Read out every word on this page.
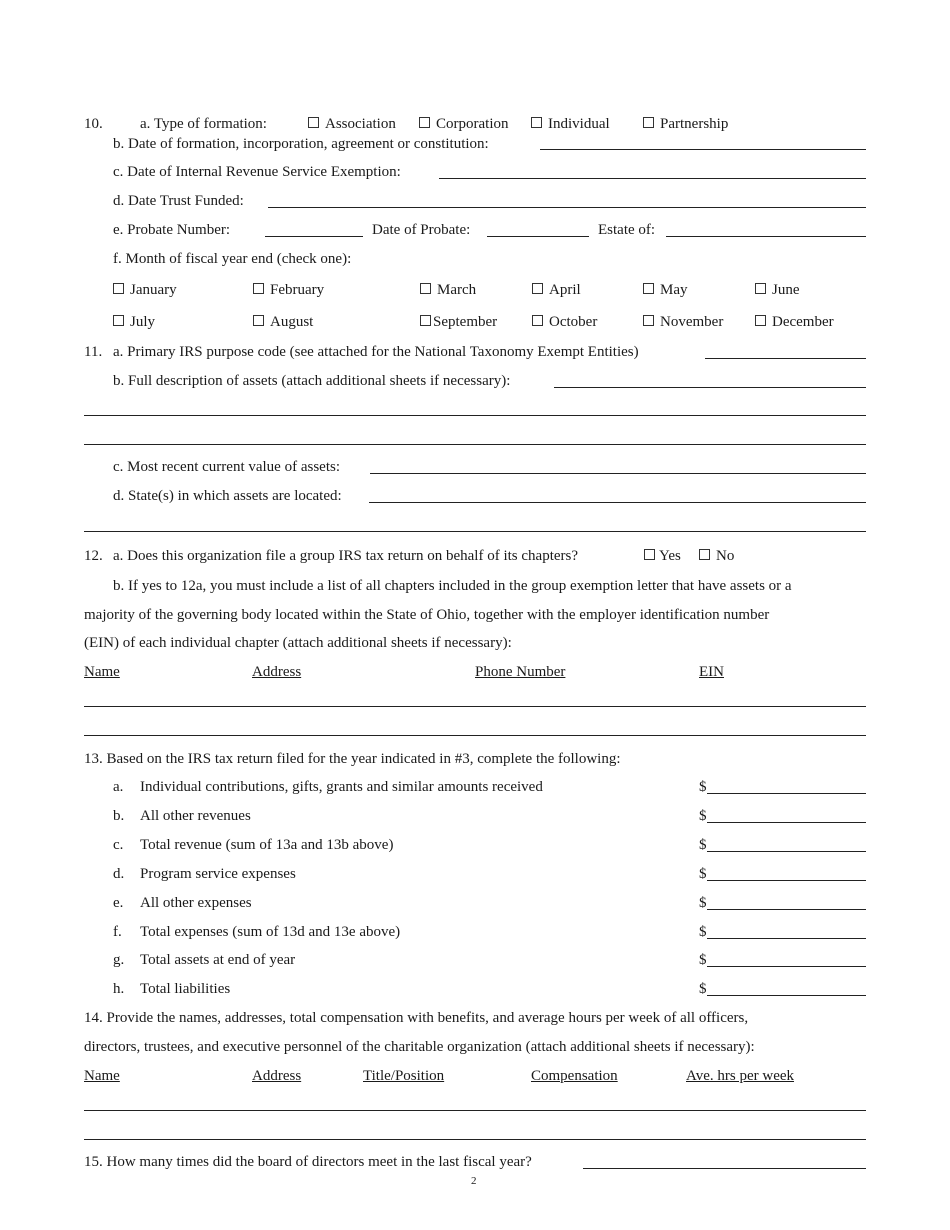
10. a. Type of formation:	Association	Corporation	Individual	Partnership
b. Date of formation, incorporation, agreement or constitution:
c. Date of Internal Revenue Service Exemption:
d. Date Trust Funded:
e. Probate Number:	Date of Probate:	Estate of:
f. Month of fiscal year end (check one):
January	February	March	April	May	June
July	August	September	October	November	December
11. a. Primary IRS purpose code (see attached for the National Taxonomy Exempt Entities)
b. Full description of assets (attach additional sheets if necessary):
c. Most recent current value of assets:
d. State(s) in which assets are located:
12. a. Does this organization file a group IRS tax return on behalf of its chapters?	Yes	No
b. If yes to 12a, you must include a list of all chapters included in the group exemption letter that have assets or a
majority of the governing body located within the State of Ohio, together with the employer identification number
(EIN) of each individual chapter (attach additional sheets if necessary):
Name	Address	Phone Number	EIN
13. Based on the IRS tax return filed for the year indicated in #3, complete the following:
a. Individual contributions, gifts, grants and similar amounts received	$
b. All other revenues	$
c. Total revenue (sum of 13a and 13b above)	$
d. Program service expenses	$
e. All other expenses	$
f. Total expenses (sum of 13d and 13e above)	$
g. Total assets at end of year	$
h. Total liabilities	$
14. Provide the names, addresses, total compensation with benefits, and average hours per week of all officers,
directors, trustees, and executive personnel of the charitable organization (attach additional sheets if necessary):
Name	Address	Title/Position	Compensation	Ave. hrs per week
15. How many times did the board of directors meet in the last fiscal year?
2
